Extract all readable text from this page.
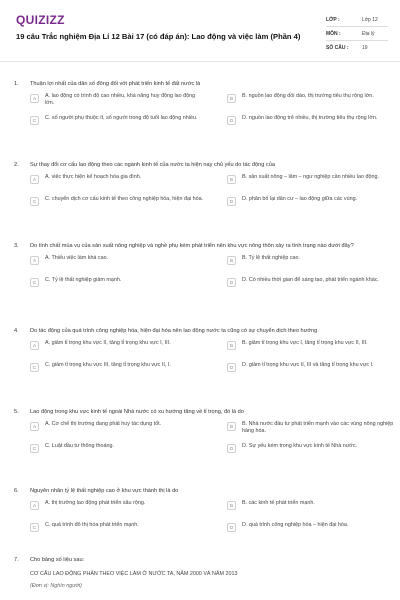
QUIZIZZ
19 câu Trắc nghiệm Địa Lí 12 Bài 17 (có đáp án): Lao động và việc làm (Phần 4)
LỚP :	Lớp 12
MÔN :	Địa lý
SỐ CÂU :	19
1.	Thuận lợi nhất của dân số đông đối với phát triển kinh tế đất nước là
A	A. lao động có trình độ cao nhiều, khá năng huy động lao động lớn.
B	B. nguồn lao động dồi dào, thị trường tiêu thụ rộng lớn.
C	C. số người phụ thuộc ít, số người trong độ tuổi lao động nhiều.	D	D. nguồn lao động trẻ nhiều, thị trường tiêu thụ rộng lớn.
2.	Sự thay đổi cơ cấu lao động theo các ngành kinh tế của nước ta hiện nay chủ yếu do tác động của
A	A. việc thực hiện kế hoạch hóa gia đình.	B	B. sản xuất nông – lâm – ngư nghiệp cần nhiều lao động.
C	C. chuyển dịch cơ cấu kinh tế theo công nghiệp hóa, hiện đại hóa.	D	D. phân bố lại dân cư – lao động giữa các vùng.
3.	Do tính chất mùa vụ của sản xuất nông nghiệp và nghề phụ kém phát triển nên khu vực nông thôn xảy ra tình trạng nào dưới đây?
A	A. Thiếu việc làm khá cao.	B	B. Tỷ lệ thất nghiệp cao.
C	C. Tỷ lệ thất nghiệp giảm mạnh.	D	D. Có nhiều thời gian để sáng tạo, phát triển ngành khác.
4.	Do tác động của quá trình công nghiệp hóa, hiện đại hóa nên lao động nước ta cũng có sự chuyển dịch theo hướng
A	A. giảm tỉ trọng khu vực II, tăng tỉ trọng khu vực I, III.	B	B. giảm tỉ trọng khu vực I, tăng tỉ trọng khu vực II, III.
C	C. giảm tỉ trọng khu vực III, tăng tỉ trọng khu vực II, I.	D	D. giảm tỉ trọng khu vực II, III và tăng tỉ trọng khu vực I.
5.	Lao động trong khu vực kinh tế ngoài Nhà nước có xu hướng tăng về tỉ trọng, đó là do
A	A. Cơ chế thị trường đang phát huy tác dụng tốt.	B	B. Nhà nước đầu tư phát triển mạnh vào các vùng nông nghiệp hàng hóa.
C	C. Luật đầu tư thông thoáng.	D	D. Sự yếu kém trong khu vực kinh tế Nhà nước.
6.	Nguyên nhân tỷ lệ thất nghiệp cao ở khu vực thành thị là do
A	A. thị trường lao động phát triển sâu rộng.	B	B. các kinh tế phát triển mạnh.
C	C. quá trình đô thị hóa phát triển mạnh.	D	D. quá trình công nghiệp hóa – hiện đại hóa.
7.	Cho bảng số liệu sau:
CƠ CẤU LAO ĐỘNG PHÂN THEO VIỆC LÀM Ở NƯỚC TA, NĂM 2000 VÀ NĂM 2013
(Đơn vị: Nghìn người)
